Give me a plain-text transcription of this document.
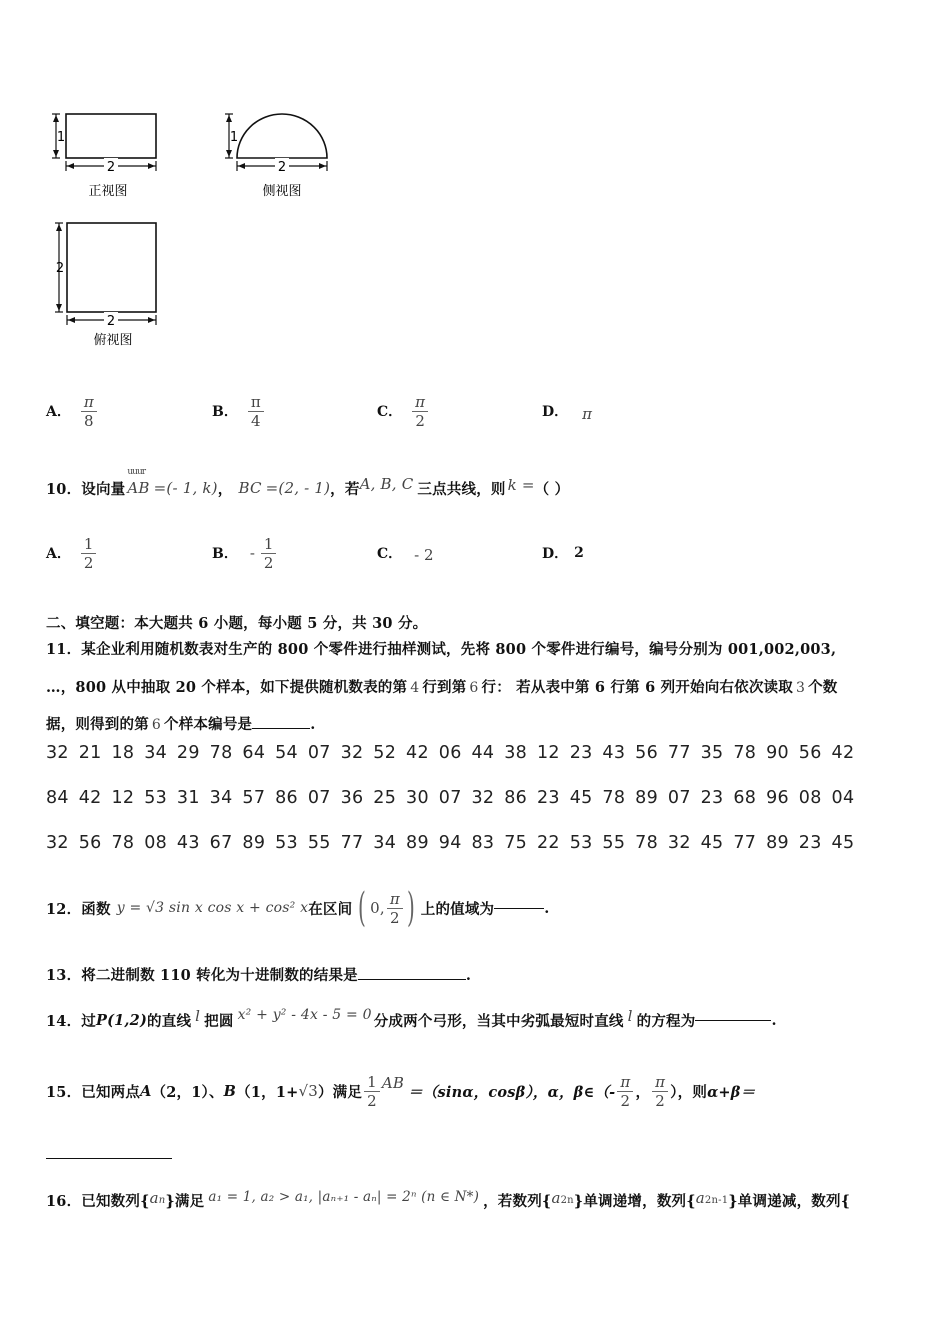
1
2
正视图
1
2
侧视图
2
2
俯视图
A． $\frac{\pi}{8}$	B． $\frac{\pi}{4}$	C． $\frac{\pi}{2}$	D． π
10． 设向量
uuur
AB =(- 1, k) ， BC =(2, - 1) ，若 A, B, C 三点共线，则 k = （ ）
A． $\frac{1}{2}$	B． - $\frac{1}{2}$	C． - 2	D． 2
二、填空题：本大题共 6 小题，每小题 5 分，共 30 分。
11．某企业利用随机数表对生产的 800 个零件进行抽样测试，先将 800 个零件进行编号，编号分别为 001,002,003,
…，800 从中抽取 20 个样本，如下提供随机数表的第 4 行到第 6 行： 若从表中第 6 行第 6 列开始向右依次读取 3 个数
据，则得到的第 6 个样本编号是	.
32 21 18 34 29 78 64 54 07 32 52 42 06 44 38 12 23 43 56 77 35 78 90 56 42
84 42 12 53 31 34 57 86 07 36 25 30 07 32 86 23 45 78 89 07 23 68 96 08 04
32 56 78 08 43 67 89 53 55 77 34 89 94 83 75 22 53 55 78 32 45 77 89 23 45
12． 函数 y = √3 sin x cos x + cos² x 在区间 ( 0, $\frac{\pi}{2}$ ) 上的值域为	.
13．将二进制数 110 转化为十进制数的结果是	.
14．过 P(1,2) 的直线 l 把圆 x² + y² - 4x - 5 = 0 分成两个弓形，当其中劣弧最短时直线 l 的方程为	.
15．已知两点 A （2，1）、 B （1，1+ √3 ）满足 $\frac{1}{2}$ AB ＝（sinα，cosβ），α，β∈（- $\frac{\pi}{2}$ ， $\frac{\pi}{2}$ ），则 α+β＝
16．已知数列{ a n }满足 a₁ = 1, a₂ > a₁, |aₙ₊₁ - aₙ| = 2ⁿ (n ∈ N*) ，若数列{ a 2n }单调递增，数列{ a 2n-1 }单调递减，数列{
